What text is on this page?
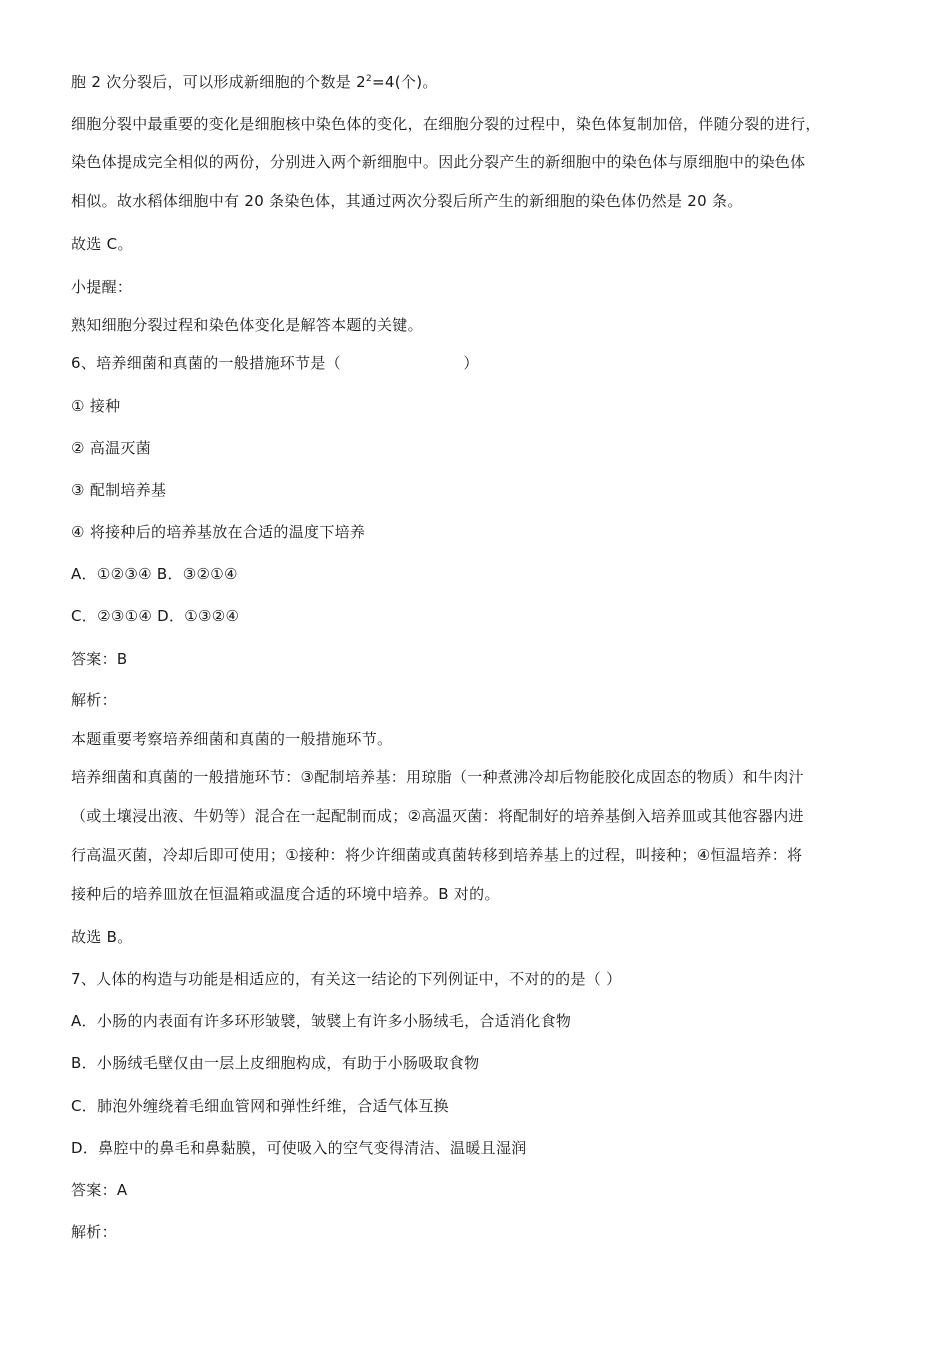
胞 2 次分裂后，可以形成新细胞的个数是 $2^2=4$(个)。
细胞分裂中最重要的变化是细胞核中染色体的变化，在细胞分裂的过程中，染色体复制加倍，伴随分裂的进行，
染色体提成完全相似的两份，分别进入两个新细胞中。因此分裂产生的新细胞中的染色体与原细胞中的染色体
相似。故水稻体细胞中有 20 条染色体，其通过两次分裂后所产生的新细胞的染色体仍然是 20 条。
故选 C。
小提醒：
熟知细胞分裂过程和染色体变化是解答本题的关键。
6、培养细菌和真菌的一般措施环节是（　　　　　　　　）
① 接种
② 高温灭菌
③ 配制培养基
④ 将接种后的培养基放在合适的温度下培养
A．①②③④ B．③②①④
C．②③①④ D．①③②④
答案：B
解析：
本题重要考察培养细菌和真菌的一般措施环节。
培养细菌和真菌的一般措施环节：③配制培养基：用琼脂（一种煮沸冷却后物能胶化成固态的物质）和牛肉汁
（或土壤浸出液、牛奶等）混合在一起配制而成；②高温灭菌：将配制好的培养基倒入培养皿或其他容器内进
行高温灭菌，冷却后即可使用；①接种：将少许细菌或真菌转移到培养基上的过程，叫接种；④恒温培养：将
接种后的培养皿放在恒温箱或温度合适的环境中培养。B 对的。
故选 B。
7、人体的构造与功能是相适应的，有关这一结论的下列例证中，不对的的是（ ）
A．小肠的内表面有许多环形皱襞，皱襞上有许多小肠绒毛，合适消化食物
B．小肠绒毛壁仅由一层上皮细胞构成，有助于小肠吸取食物
C．肺泡外缠绕着毛细血管网和弹性纤维，合适气体互换
D．鼻腔中的鼻毛和鼻黏膜，可使吸入的空气变得清洁、温暖且湿润
答案：A
解析：
